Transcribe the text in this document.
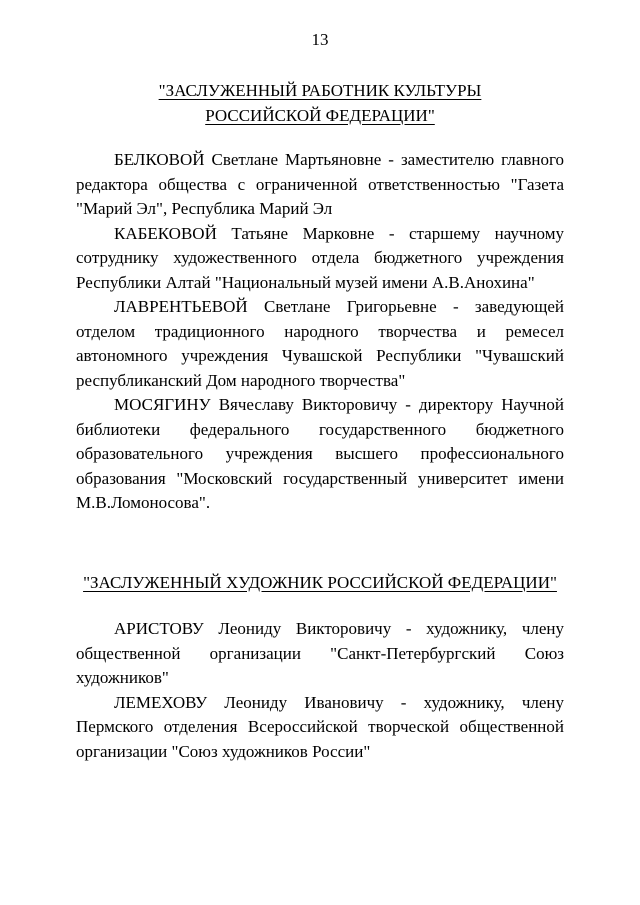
13
"ЗАСЛУЖЕННЫЙ РАБОТНИК КУЛЬТУРЫ
РОССИЙСКОЙ ФЕДЕРАЦИИ"

БЕЛКОВОЙ Светлане Мартьяновне - заместителю главного редактора общества с ограниченной ответственностью "Газета "Марий Эл", Республика Марий Эл

КАБЕКОВОЙ Татьяне Марковне - старшему научному сотруднику художественного отдела бюджетного учреждения Республики Алтай "Национальный музей имени А.В.Анохина"

ЛАВРЕНТЬЕВОЙ Светлане Григорьевне - заведующей отделом традиционного народного творчества и ремесел автономного учреждения Чувашской Республики "Чувашский республиканский Дом народного творчества"

МОСЯГИНУ Вячеславу Викторовичу - директору Научной библиотеки федерального государственного бюджетного образовательного учреждения высшего профессионального образования "Московский государственный университет имени М.В.Ломоносова".

"ЗАСЛУЖЕННЫЙ ХУДОЖНИК РОССИЙСКОЙ ФЕДЕРАЦИИ"

АРИСТОВУ Леониду Викторовичу - художнику, члену общественной организации "Санкт-Петербургский Союз художников"

ЛЕМЕХОВУ Леониду Ивановичу - художнику, члену Пермского отделения Всероссийской творческой общественной организации "Союз художников России"
